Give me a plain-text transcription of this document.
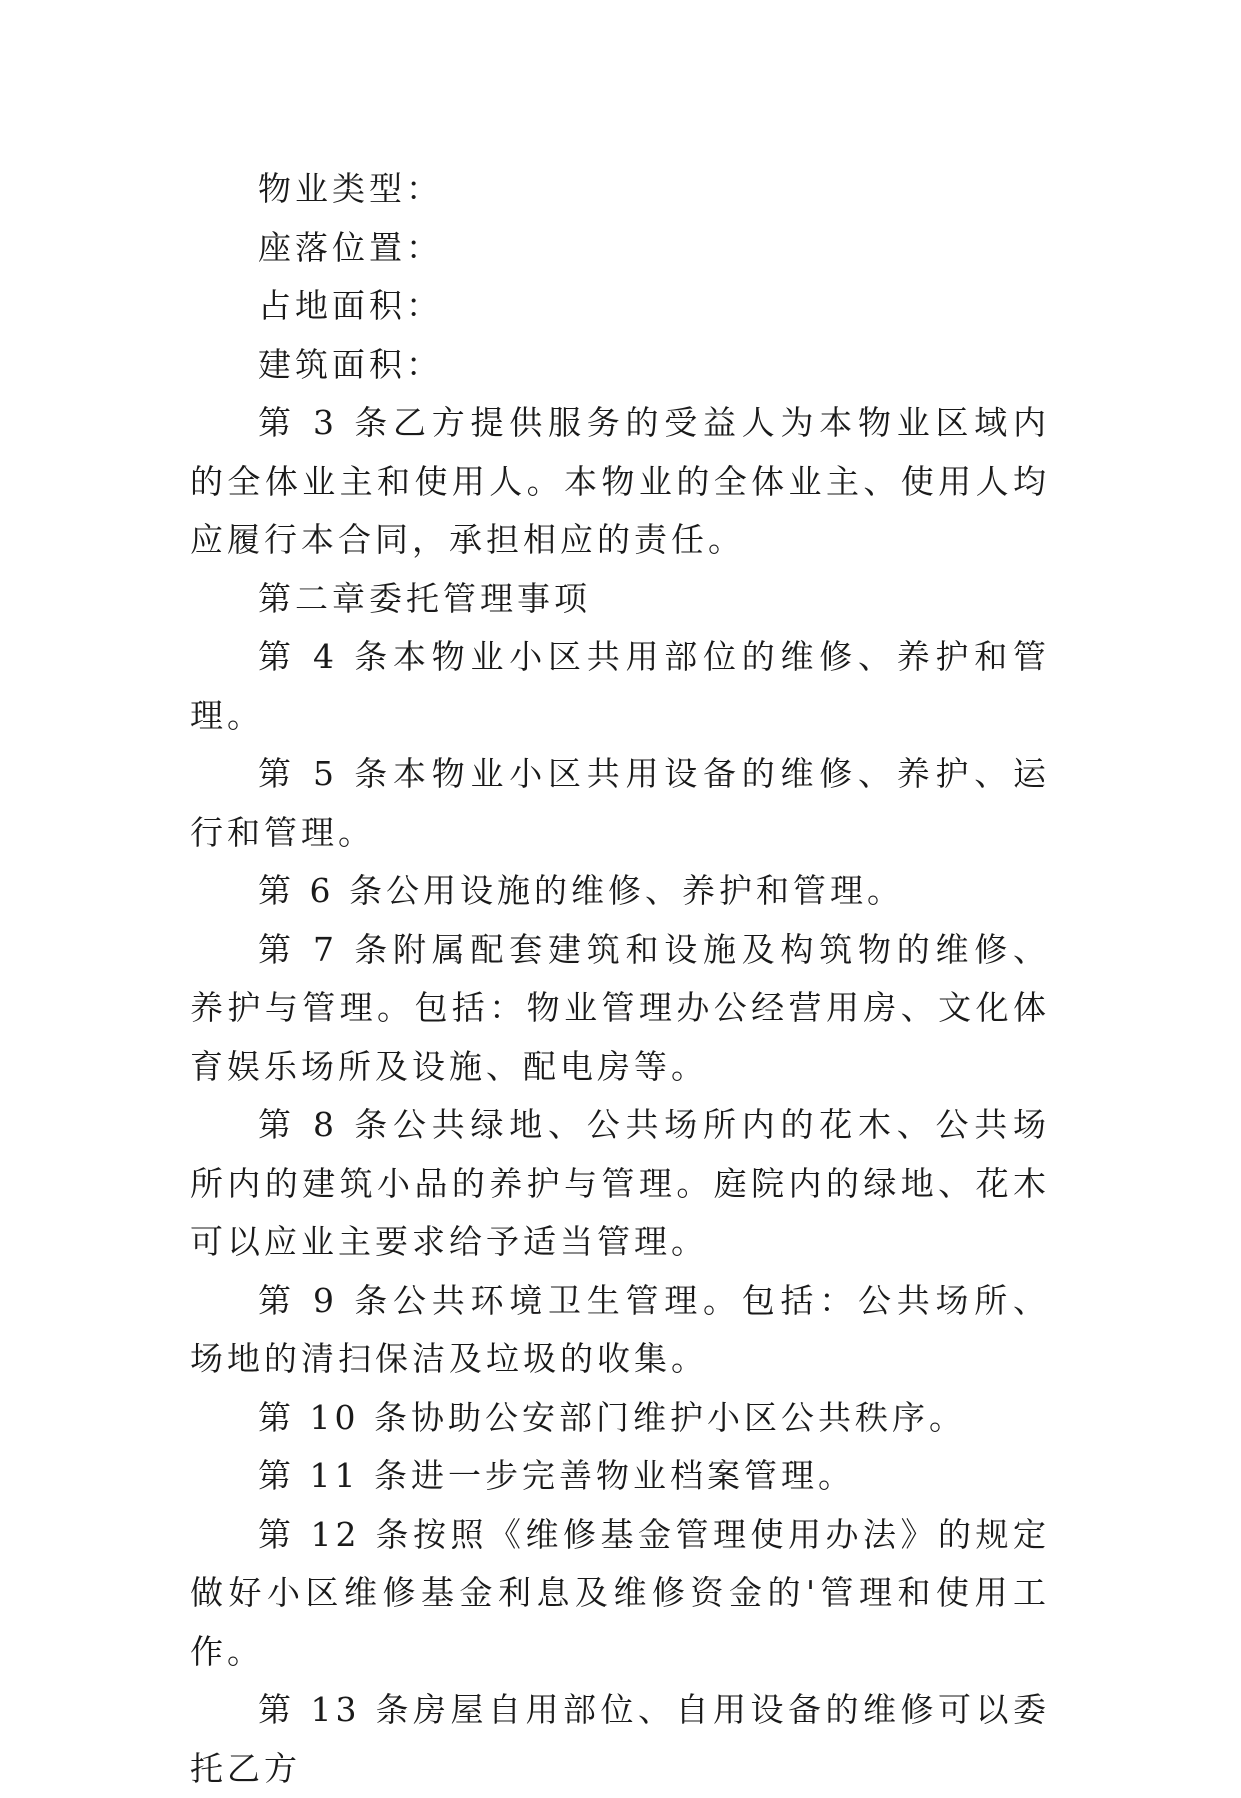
物业类型：

座落位置：

占地面积：

建筑面积：

第 3 条乙方提供服务的受益人为本物业区域内的全体业主和使用人。本物业的全体业主、使用人均应履行本合同，承担相应的责任。

第二章委托管理事项

第 4 条本物业小区共用部位的维修、养护和管理。

第 5 条本物业小区共用设备的维修、养护、运行和管理。

第 6 条公用设施的维修、养护和管理。

第 7 条附属配套建筑和设施及构筑物的维修、养护与管理。包括：物业管理办公经营用房、文化体育娱乐场所及设施、配电房等。

第 8 条公共绿地、公共场所内的花木、公共场所内的建筑小品的养护与管理。庭院内的绿地、花木可以应业主要求给予适当管理。

第 9 条公共环境卫生管理。包括：公共场所、场地的清扫保洁及垃圾的收集。

第 10 条协助公安部门维护小区公共秩序。

第 11 条进一步完善物业档案管理。

第 12 条按照《维修基金管理使用办法》的规定做好小区维修基金利息及维修资金的'管理和使用工作。

第 13 条房屋自用部位、自用设备的维修可以委托乙方
